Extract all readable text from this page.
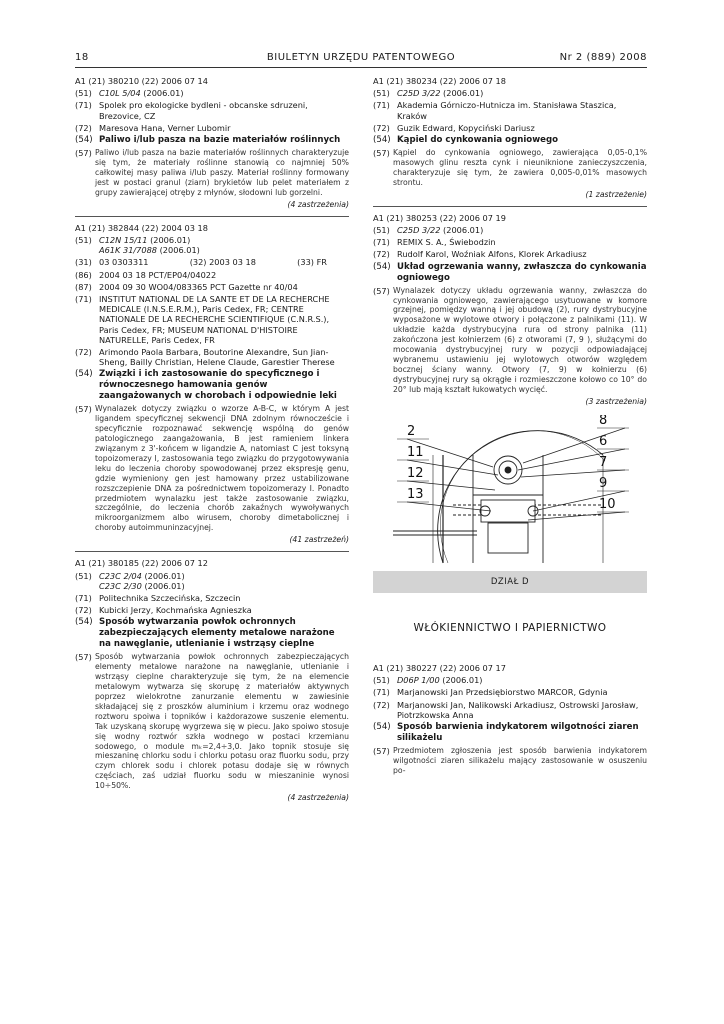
18	BIULETYN URZĘDU PATENTOWEGO	Nr 2 (889) 2008
A1 (21) 380210 (22) 2006 07 14
(51) C10L 5/04 (2006.01)
(71) Spolek pro ekologicke bydleni - obcanske sdruzeni, Brezovice, CZ
(72) Maresova Hana, Verner Lubomir
(54) Paliwo i/lub pasza na bazie materiałów roślinnych
(57) Paliwo i/lub pasza na bazie materiałów roślinnych charakteryzuje się tym, że materiały roślinne stanowią co najmniej 50% całkowitej masy paliwa i/lub paszy. Materiał roślinny formowany jest w postaci granul (ziarn) brykietów lub pelet materiałem z grupy zawierającej otręby z młynów, słodowni lub gorzelni.
(4 zastrzeżenia)
A1 (21) 382844 (22) 2004 03 18
(51) C12N 15/11 (2006.01)
A61K 31/7088 (2006.01)
(31) 03 0303311	(32) 2003 03 18	(33) FR
(86) 2004 03 18 PCT/EP04/04022
(87) 2004 09 30 WO04/083365 PCT Gazette nr 40/04
(71) INSTITUT NATIONAL DE LA SANTE ET DE LA RECHERCHE MEDICALE (I.N.S.E.R.M.), Paris Cedex, FR; CENTRE NATIONALE DE LA RECHERCHE SCIENTIFIQUE (C.N.R.S.), Paris Cedex, FR; MUSEUM NATIONAL D'HISTOIRE NATURELLE, Paris Cedex, FR
(72) Arimondo Paola Barbara, Boutorine Alexandre, Sun Jian-Sheng, Bailly Christian, Helene Claude, Garestier Therese
(54) Związki i ich zastosowanie do specyficznego i równoczesnego hamowania genów zaangażowanych w chorobach i odpowiednie leki
(57) Wynalazek dotyczy związku o wzorze A-B-C, w którym A jest ligandem specyficznej sekwencji DNA zdolnym równoczeście i specyficznie rozpoznawać sekwencję wspólną do genów patologicznego zaangażowania, B jest ramieniem linkera związanym z 3'-końcem w ligandzie A, natomiast C jest toksyną topoizomerazy I, zastosowania tego związku do przygotowywania leku do leczenia choroby spowodowanej przez ekspresję genu, gdzie wymieniony gen jest hamowany przez ustabilizowane rozszczepienie DNA za pośrednictwem topoizomerazy I. Ponadto przedmiotem wynalazku jest także zastosowanie związku, szczególnie, do leczenia chorób zakaźnych wywoływanych mikroorganizmem albo wirusem, choroby dimetabolicznej i choroby autoimmuninzacyjnej.
(41 zastrzeżeń)
A1 (21) 380185 (22) 2006 07 12
(51) C23C 2/04 (2006.01)
C23C 2/30 (2006.01)
(71) Politechnika Szczecińska, Szczecin
(72) Kubicki Jerzy, Kochmańska Agnieszka
(54) Sposób wytwarzania powłok ochronnych zabezpieczających elementy metalowe narażone na nawęglanie, utlenianie i wstrząsy cieplne
(57) Sposób wytwarzania powłok ochronnych zabezpieczających elementy metalowe narażone na nawęglanie, utlenianie i wstrząsy cieplne charakteryzuje się tym, że na elemencie metalowym wytwarza się skorupę z materiałów aktywnych poprzez wielokrotne zanurzanie elementu w zawiesinie składającej się z proszków aluminium i krzemu oraz wodnego roztworu spoiwa i topników i każdorazowe suszenie elementu. Tak uzyskaną skorupę wygrzewa się w piecu. Jako spoiwo stosuje się wodny roztwór szkła wodnego w postaci krzemianu sodowego, o module mₖ=2,4÷3,0. Jako topnik stosuje się mieszaninę chlorku sodu i chlorku potasu oraz fluorku sodu, przy czym chlorek sodu i chlorek potasu dodaje się w równych częściach, zaś udział fluorku sodu w mieszaninie wynosi 10÷50%.
(4 zastrzeżenia)
A1 (21) 380234 (22) 2006 07 18
(51) C25D 3/22 (2006.01)
(71) Akademia Górniczo-Hutnicza im. Stanisława Staszica, Kraków
(72) Guzik Edward, Kopyciński Dariusz
(54) Kąpiel do cynkowania ogniowego
(57) Kąpiel do cynkowania ogniowego, zawierająca 0,05-0,1% masowych glinu reszta cynk i nieuniknione zanieczyszczenia, charakteryzuje się tym, że zawiera 0,005-0,01% masowych strontu.
(1 zastrzeżenie)
A1 (21) 380253 (22) 2006 07 19
(51) C25D 3/22 (2006.01)
(71) REMIX S. A., Świebodzin
(72) Rudolf Karol, Woźniak Alfons, Klorek Arkadiusz
(54) Układ ogrzewania wanny, zwłaszcza do cynkowania ogniowego
(57) Wynalazek dotyczy układu ogrzewania wanny, zwłaszcza do cynkowania ogniowego, zawierającego usytuowane w komore grzejnej, pomiędzy wanną i jej obudową (2), rury dystrybucyjne wyposażone w wylotowe otwory i połączone z palnikami (11). W układzie każda dystrybucyjna rura od strony palnika (11) zakończona jest kołnierzem (6) z otworami (7, 9 ), służącymi do mocowania dystrybucyjnej rury w pozycji odpowiadającej wybranemu ustawieniu jej wylotowych otworów względem bocznej ściany wanny. Otwory (7, 9) w kołnierzu (6) dystrybucyjnej rury są okrągłe i rozmieszczone kołowo co 10° do 20° lub mają kształt łukowatych wycięć.
(3 zastrzeżenia)
2
11
12
13
8
6
7
9
10
DZIAŁ D
WŁÓKIENNICTWO I PAPIERNICTWO
A1 (21) 380227 (22) 2006 07 17
(51) D06P 1/00 (2006.01)
(71) Marjanowski Jan Przedsiębiorstwo MARCOR, Gdynia
(72) Marjanowski Jan, Nalikowski Arkadiusz, Ostrowski Jarosław, Piotrzkowska Anna
(54) Sposób barwienia indykatorem wilgotności ziaren silikażelu
(57) Przedmiotem zgłoszenia jest sposób barwienia indykatorem wilgotności ziaren silikażelu mający zastosowanie w osuszeniu po-
